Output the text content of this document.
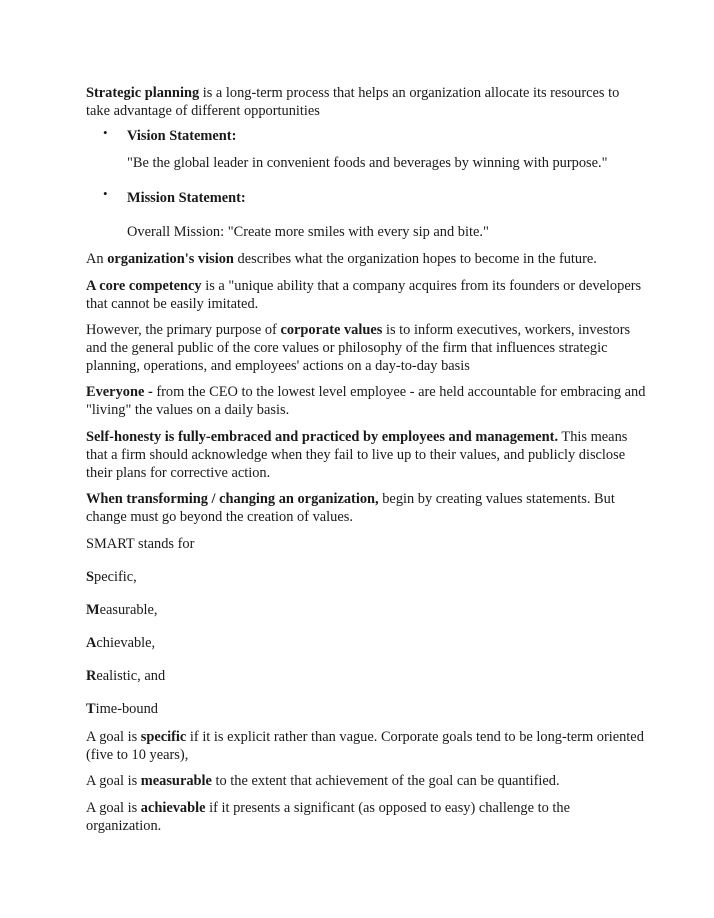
Strategic planning is a long-term process that helps an organization allocate its resources to take advantage of different opportunities

• Vision Statement:

"Be the global leader in convenient foods and beverages by winning with purpose."

• Mission Statement:

Overall Mission: "Create more smiles with every sip and bite."

An organization's vision describes what the organization hopes to become in the future.

A core competency is a "unique ability that a company acquires from its founders or developers that cannot be easily imitated.

However, the primary purpose of corporate values is to inform executives, workers, investors and the general public of the core values or philosophy of the firm that influences strategic planning, operations, and employees' actions on a day-to-day basis

Everyone - from the CEO to the lowest level employee - are held accountable for embracing and "living" the values on a daily basis.

Self-honesty is fully-embraced and practiced by employees and management. This means that a firm should acknowledge when they fail to live up to their values, and publicly disclose their plans for corrective action.

When transforming / changing an organization, begin by creating values statements. But change must go beyond the creation of values.

SMART stands for

Specific,

Measurable,

Achievable,

Realistic, and

Time-bound

A goal is specific if it is explicit rather than vague. Corporate goals tend to be long-term oriented (five to 10 years),

A goal is measurable to the extent that achievement of the goal can be quantified.

A goal is achievable if it presents a significant (as opposed to easy) challenge to the organization.
